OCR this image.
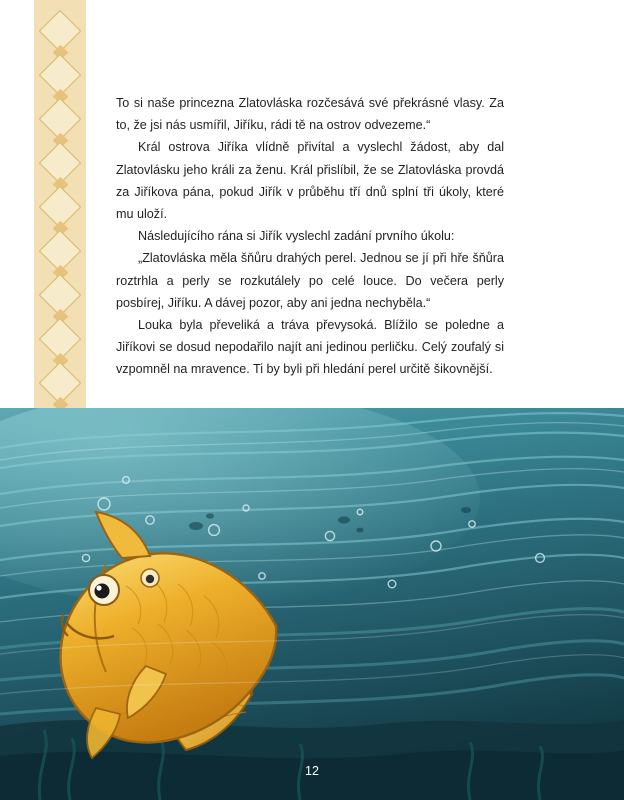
To si naše princezna Zlatovláska rozčesává své překrásné vlasy. Za to, že jsi nás usmířil, Jiříku, rádi tě na ostrov odvezeme.“

Král ostrova Jiříka vlídně přivítal a vyslechl žádost, aby dal Zlatovlásku jeho králi za ženu. Král přislíbil, že se Zlatovláska provdá za Jiříkova pána, pokud Jiřík v průběhu tří dnů splní tři úkoly, které mu uloží.

Následujícího rána si Jiřík vyslechl zadání prvního úkolu:

„Zlatovláska měla šňůru drahých perel. Jednou se jí při hře šňůra roztrhla a perly se rozkutálely po celé louce. Do večera perly posbírej, Jiříku. A dávej pozor, aby ani jedna nechyběla.“

Louka byla převeliká a tráva převysoká. Blížilo se poledne a Jiříkovi se dosud nepodařilo najít ani jedinou perličku. Celý zoufalý si vzpomněl na mravence. Ti by byli při hledání perel určitě šikovnější.

12
